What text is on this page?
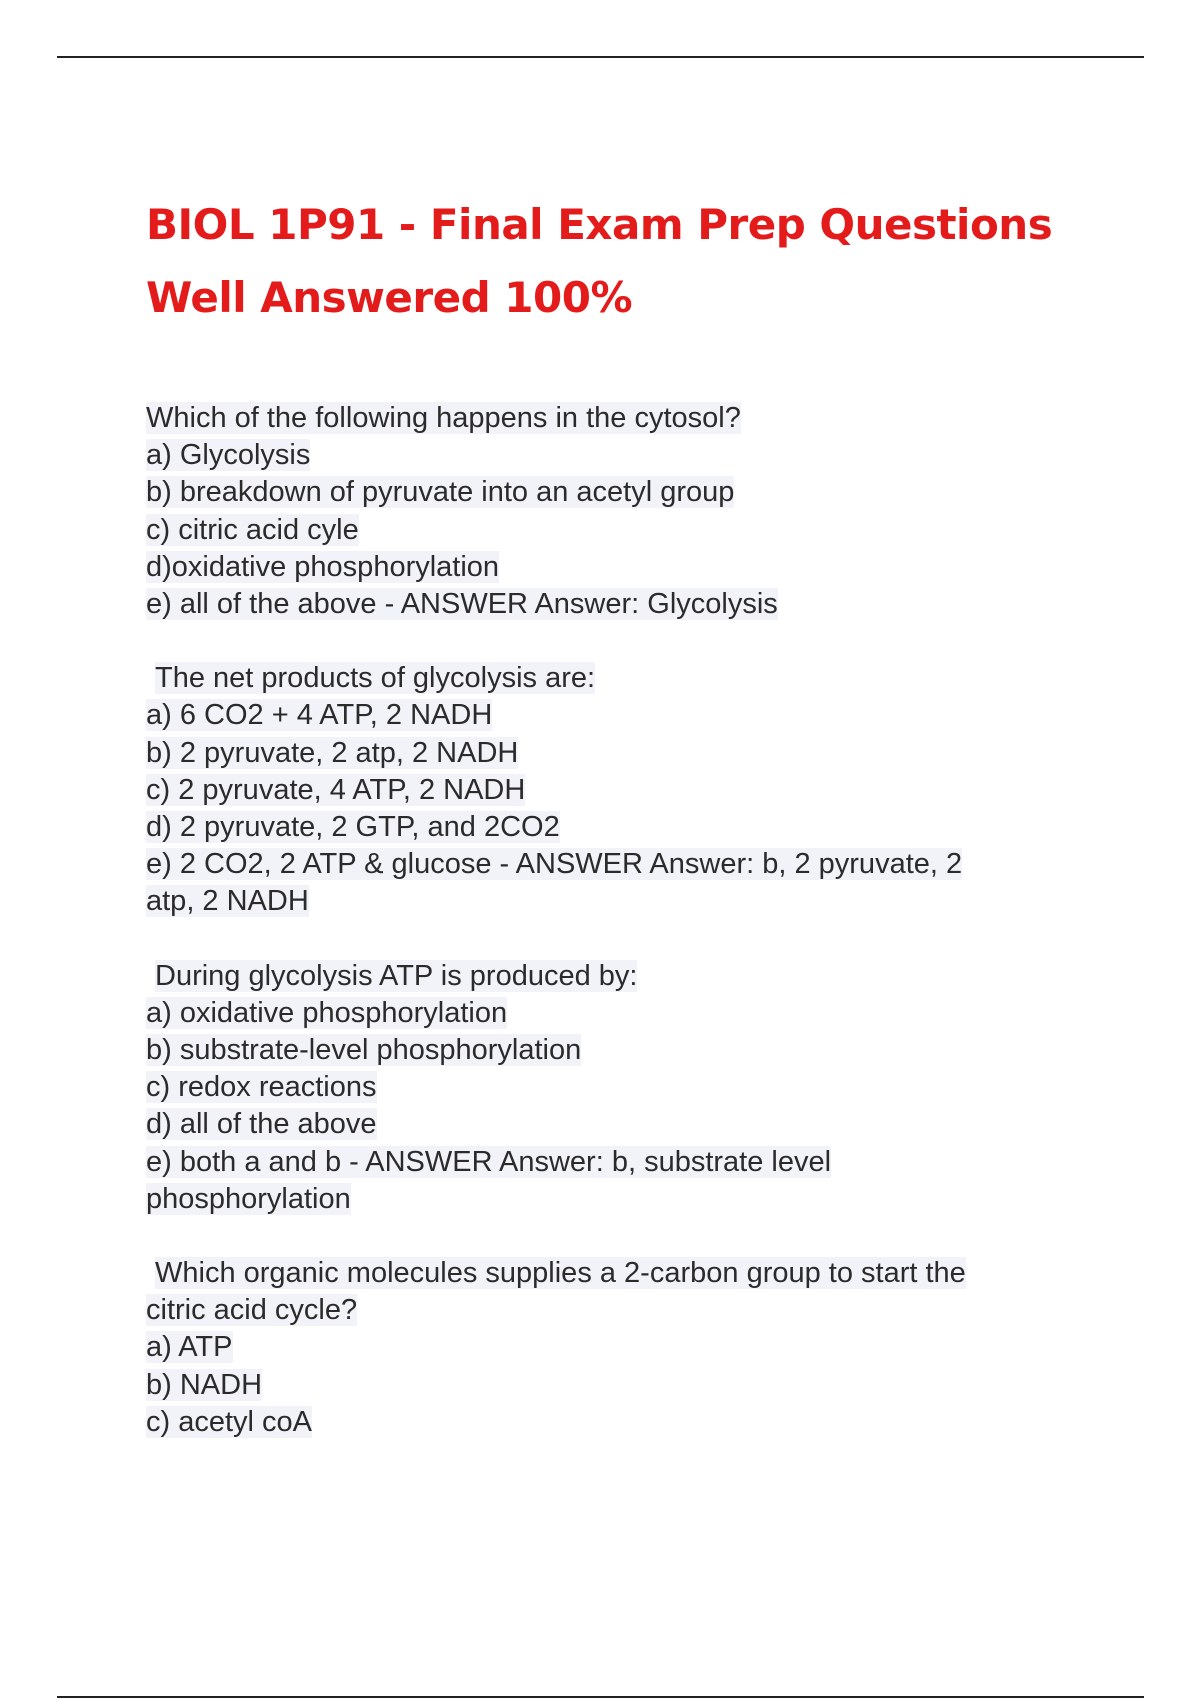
BIOL 1P91 - Final Exam Prep Questions
Well Answered 100%
Which of the following happens in the cytosol?
a) Glycolysis
b) breakdown of pyruvate into an acetyl group
c) citric acid cyle
d)oxidative phosphorylation
e) all of the above - ANSWER Answer: Glycolysis
The net products of glycolysis are:
a) 6 CO2 + 4 ATP, 2 NADH
b) 2 pyruvate, 2 atp, 2 NADH
c) 2 pyruvate, 4 ATP, 2 NADH
d) 2 pyruvate, 2 GTP, and 2CO2
e) 2 CO2, 2 ATP & glucose - ANSWER Answer: b, 2 pyruvate, 2
atp, 2 NADH
During glycolysis ATP is produced by:
a) oxidative phosphorylation
b) substrate-level phosphorylation
c) redox reactions
d) all of the above
e) both a and b - ANSWER Answer: b, substrate level
phosphorylation
Which organic molecules supplies a 2-carbon group to start the
citric acid cycle?
a) ATP
b) NADH
c) acetyl coA
